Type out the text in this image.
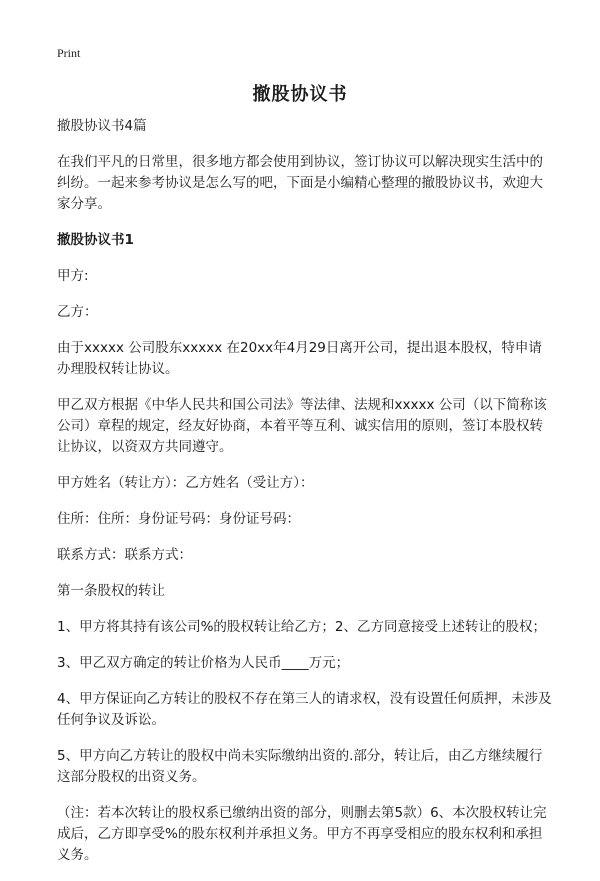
Print
撤股协议书

撤股协议书4篇

在我们平凡的日常里，很多地方都会使用到协议，签订协议可以解决现实生活中的纠纷。一起来参考协议是怎么写的吧，下面是小编精心整理的撤股协议书，欢迎大家分享。

撤股协议书1

甲方:

乙方：

由于xxxxx 公司股东xxxxx 在20xx年4月29日离开公司，提出退本股权，特申请办理股权转让协议。

甲乙双方根据《中华人民共和国公司法》等法律、法规和xxxxx 公司（以下简称该公司）章程的规定，经友好协商，本着平等互利、诚实信用的原则，签订本股权转让协议，以资双方共同遵守。

甲方姓名（转让方）：乙方姓名（受让方）：

住所：住所：身份证号码：身份证号码：

联系方式：联系方式：

第一条股权的转让

1、甲方将其持有该公司%的股权转让给乙方；2、乙方同意接受上述转让的股权；

3、甲乙双方确定的转让价格为人民币____万元；

4、甲方保证向乙方转让的股权不存在第三人的请求权，没有设置任何质押，未涉及任何争议及诉讼。

5、甲方向乙方转让的股权中尚未实际缴纳出资的.部分，转让后，由乙方继续履行这部分股权的出资义务。

（注：若本次转让的股权系已缴纳出资的部分，则删去第5款）6、本次股权转让完成后，乙方即享受%的股东权利并承担义务。甲方不再享受相应的股东权利和承担义务。
